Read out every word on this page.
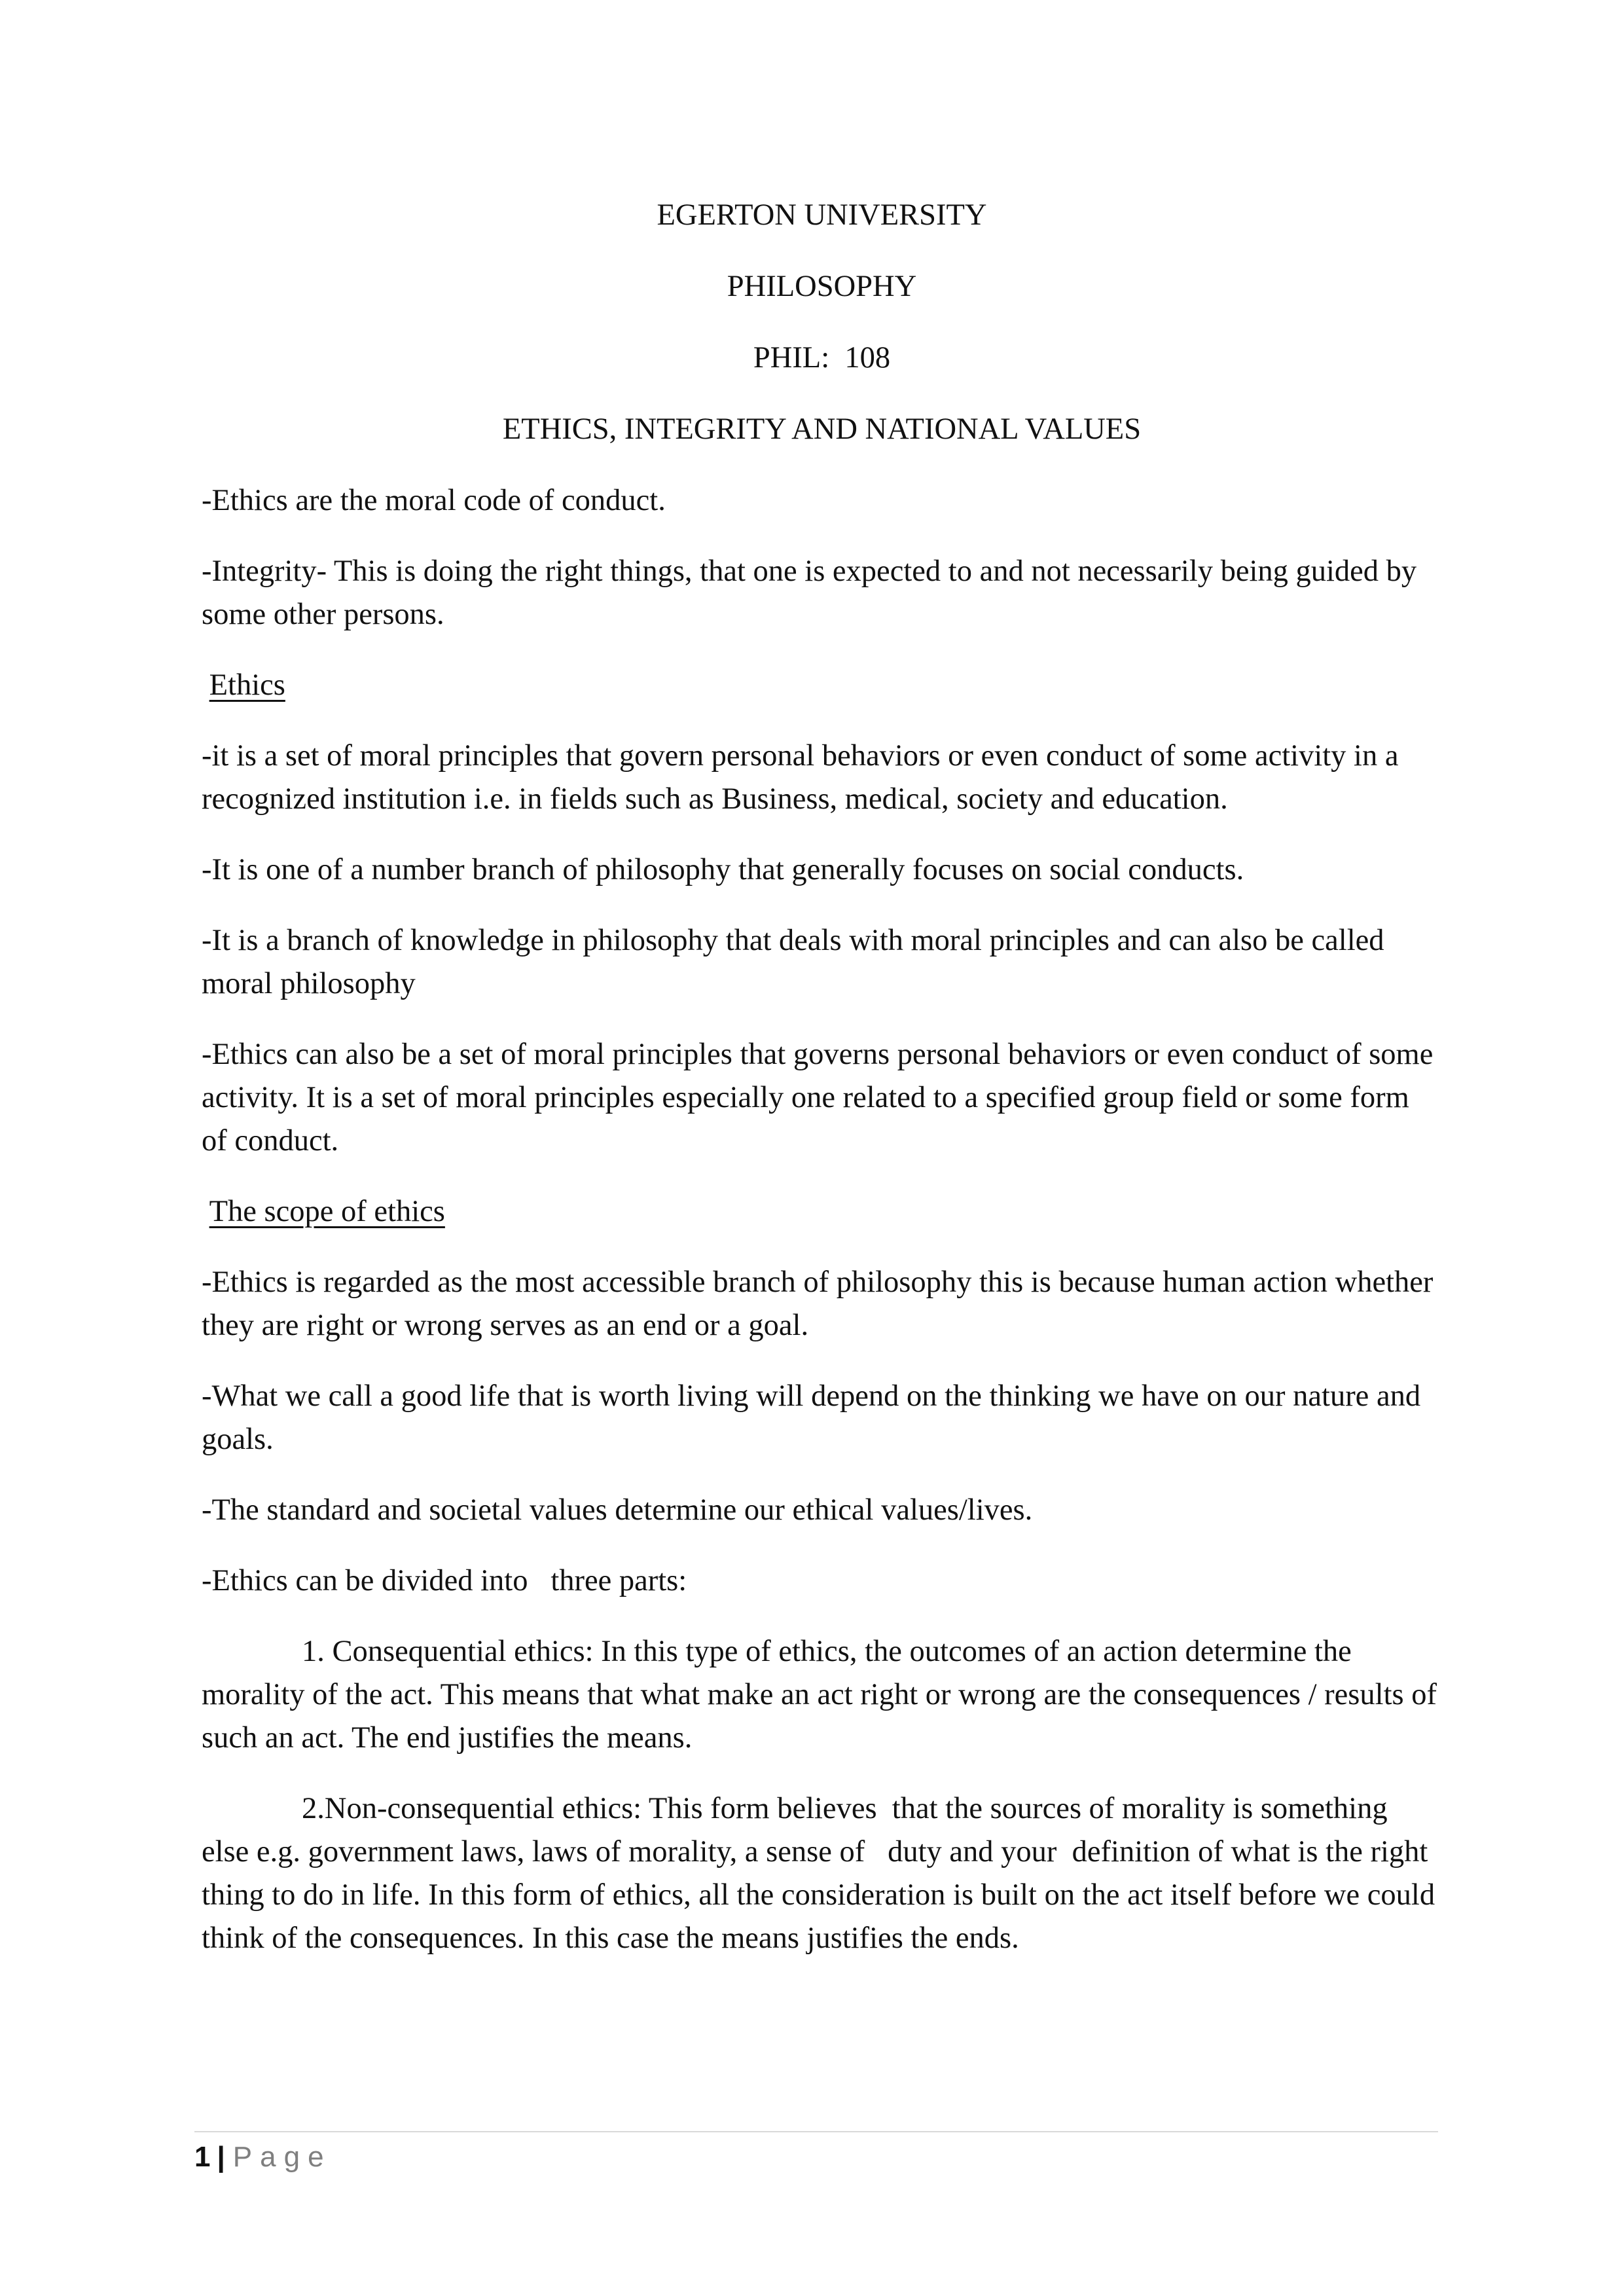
EGERTON UNIVERSITY
PHILOSOPHY
PHIL:  108
ETHICS, INTEGRITY AND NATIONAL VALUES

-Ethics are the moral code of conduct.

-Integrity- This is doing the right things, that one is expected to and not necessarily being guided by some other persons.

Ethics

-it is a set of moral principles that govern personal behaviors or even conduct of some activity in a recognized institution i.e. in fields such as Business, medical, society and education.

-It is one of a number branch of philosophy that generally focuses on social conducts.

-It is a branch of knowledge in philosophy that deals with moral principles and can also be called moral philosophy

-Ethics can also be a set of moral principles that governs personal behaviors or even conduct of some activity. It is a set of moral principles especially one related to a specified group field or some form of conduct.

The scope of ethics

-Ethics is regarded as the most accessible branch of philosophy this is because human action whether they are right or wrong serves as an end or a goal.

-What we call a good life that is worth living will depend on the thinking we have on our nature and goals.

-The standard and societal values determine our ethical values/lives.

-Ethics can be divided into   three parts:

1. Consequential ethics: In this type of ethics, the outcomes of an action determine the morality of the act. This means that what make an act right or wrong are the consequences / results of such an act. The end justifies the means.

2.Non-consequential ethics: This form believes  that the sources of morality is something else e.g. government laws, laws of morality, a sense of   duty and your  definition of what is the right thing to do in life. In this form of ethics, all the consideration is built on the act itself before we could think of the consequences. In this case the means justifies the ends.

1 | Page
